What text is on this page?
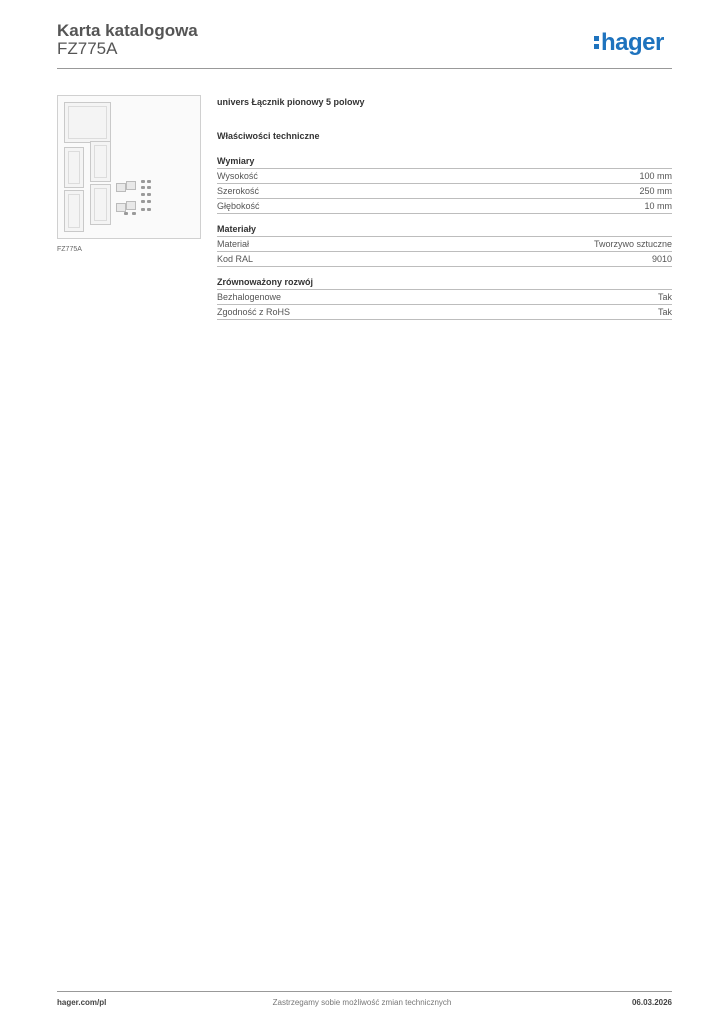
Karta katalogowa
FZ775A	hager
FZ775A
univers Łącznik pionowy 5 polowy
Właściwości techniczne
Wymiary
Wysokość	100 mm
Szerokość	250 mm
Głębokość	10 mm
Materiały
Materiał	Tworzywo sztuczne
Kod RAL	9010
Zrównoważony rozwój
Bezhalogenowe	Tak
Zgodność z RoHS	Tak
hager.com/pl	Zastrzegamy sobie możliwość zmian technicznych	06.03.2026
